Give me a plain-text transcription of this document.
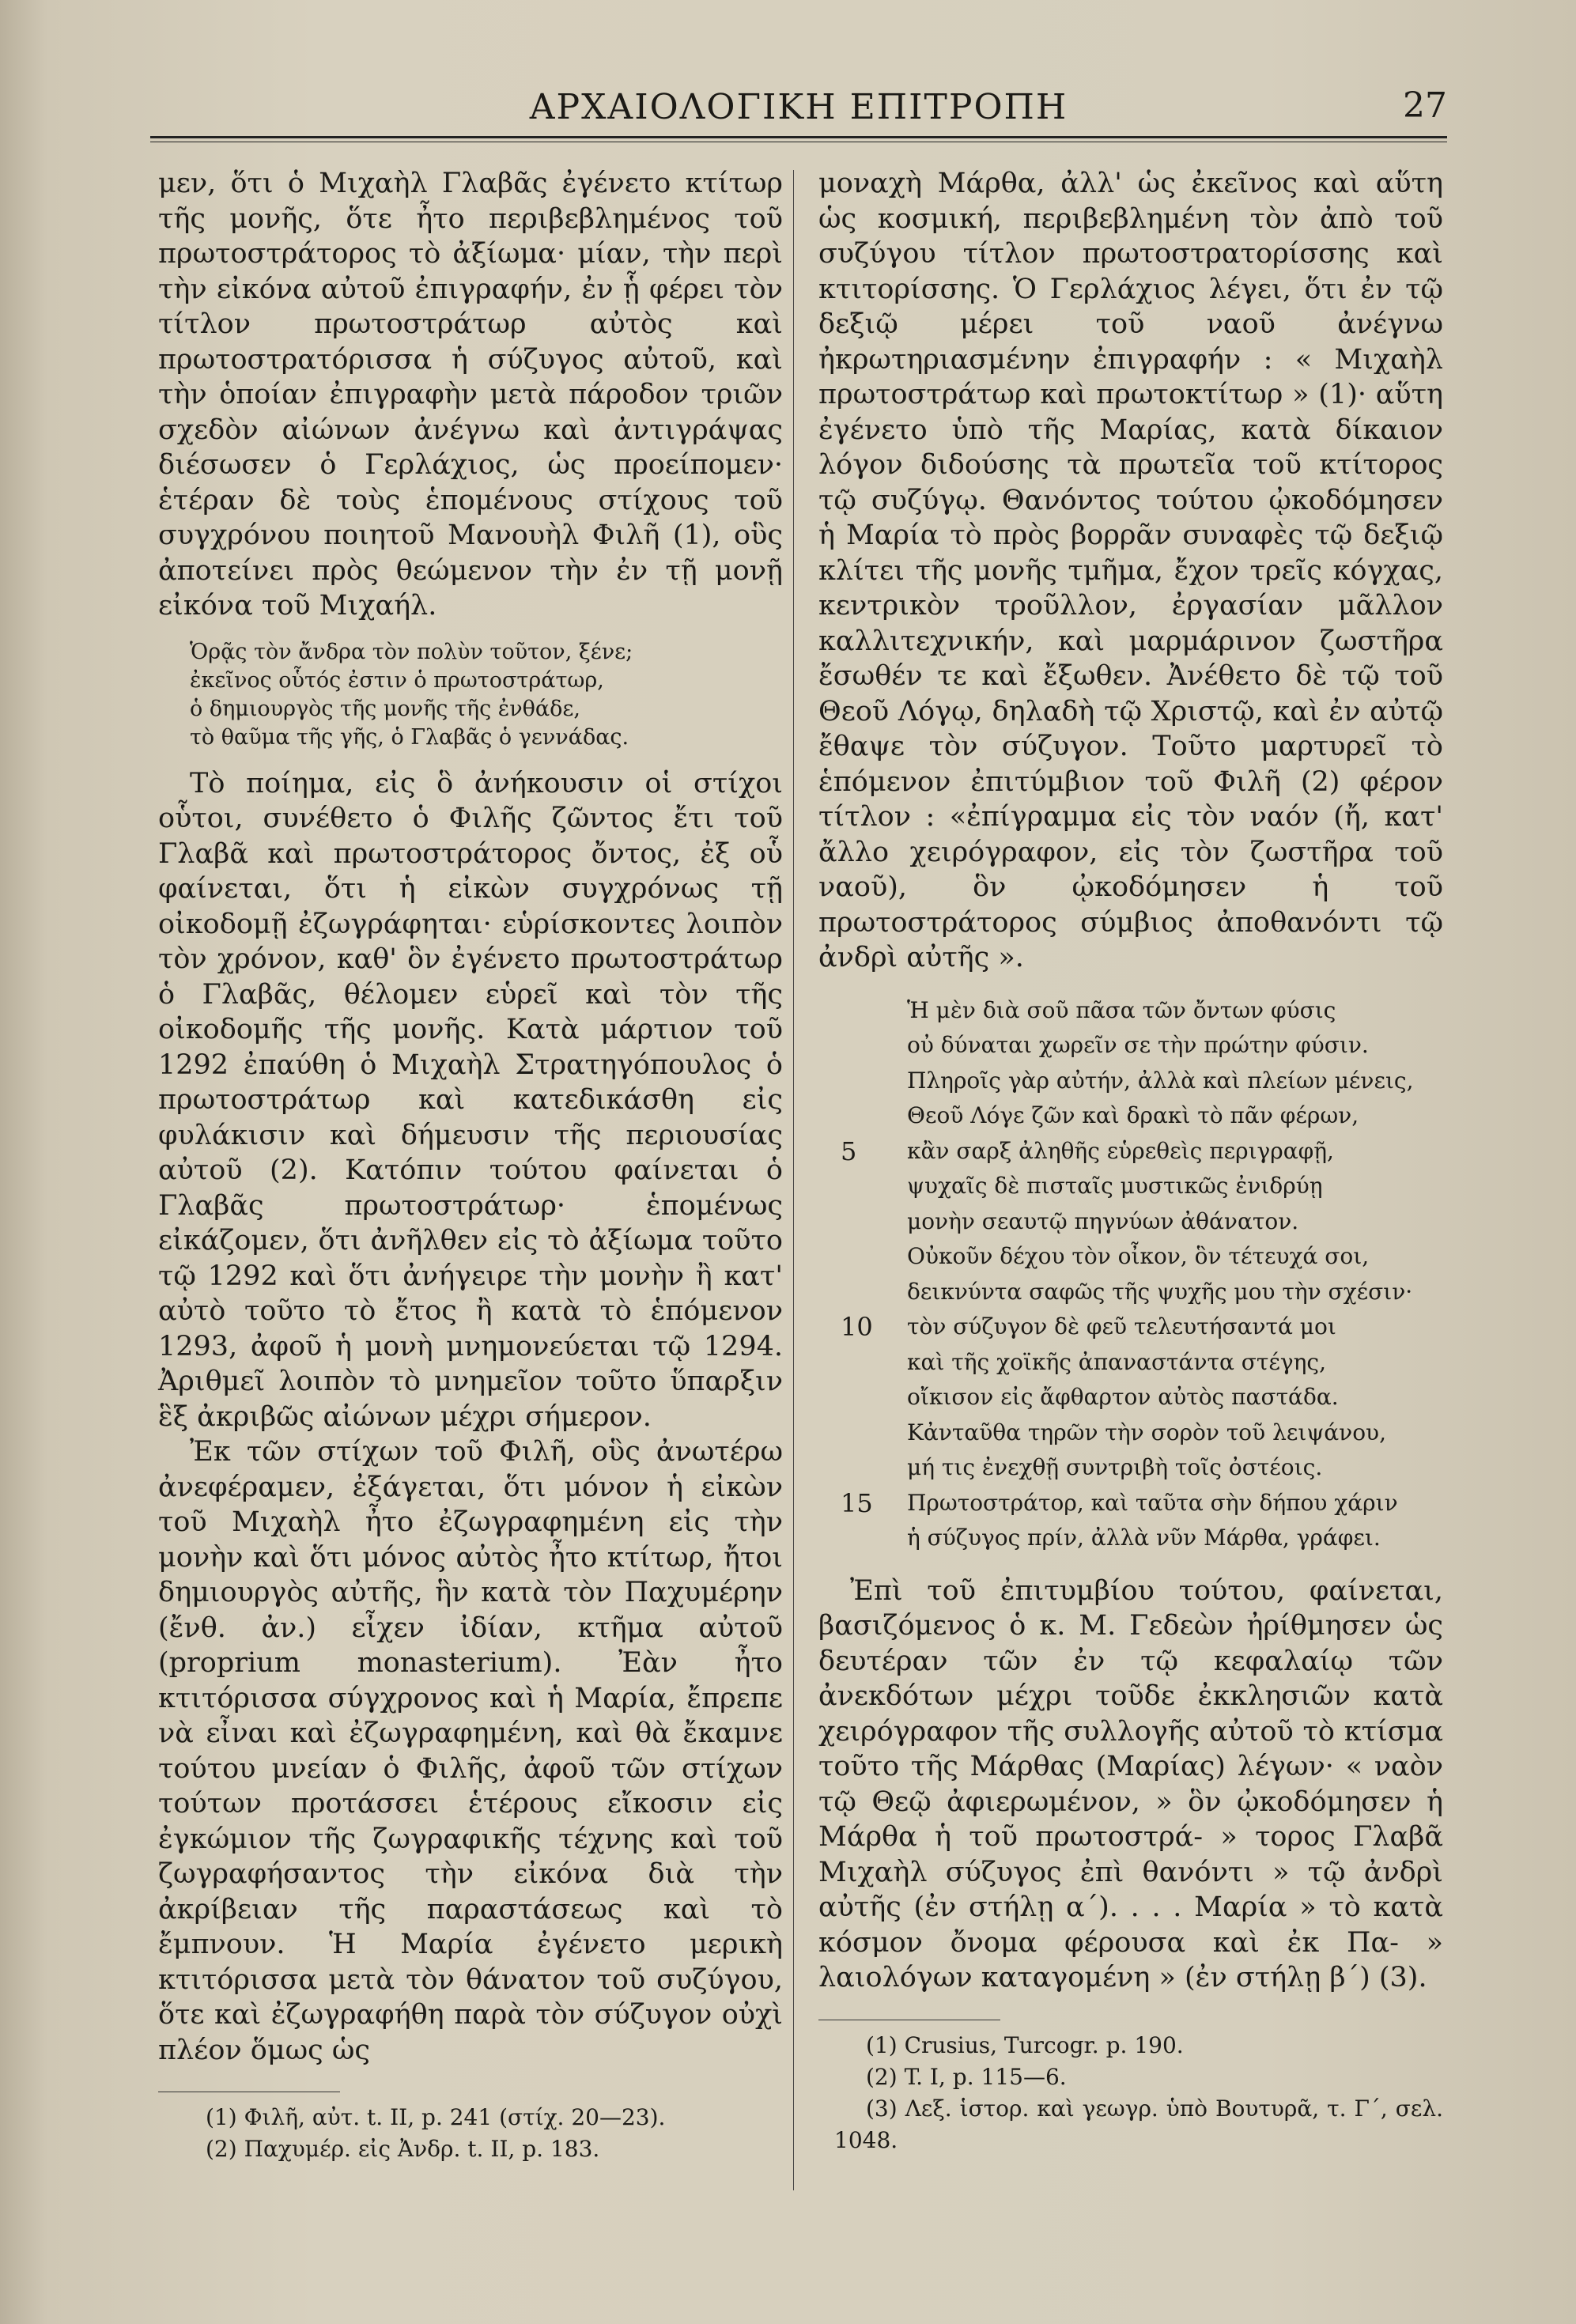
ΑΡΧΑΙΟΛΟΓΙΚΗ ΕΠΙΤΡΟΠΗ	27

μεν, ὅτι ὁ Μιχαὴλ Γλαβᾶς ἐγένετο κτίτωρ τῆς μονῆς, ὅτε ἦτο περιβεβλημένος τοῦ πρωτοστράτορος τὸ ἀξίωμα· μίαν, τὴν περὶ τὴν εἰκόνα αὐτοῦ ἐπιγραφήν, ἐν ᾗ φέρει τὸν τίτλον πρωτοστράτωρ αὐτὸς καὶ πρωτοστρατόρισσα ἡ σύζυγος αὐτοῦ, καὶ τὴν ὁποίαν ἐπιγραφὴν μετὰ πάροδον τριῶν σχεδὸν αἰώνων ἀνέγνω καὶ ἀντιγράψας διέσωσεν ὁ Γερλάχιος, ὡς προείπομεν· ἑτέραν δὲ τοὺς ἑπομένους στίχους τοῦ συγχρόνου ποιητοῦ Μανουὴλ Φιλῆ (1), οὓς ἀποτείνει πρὸς θεώμενον τὴν ἐν τῇ μονῇ εἰκόνα τοῦ Μιχαήλ.

Ὁρᾷς τὸν ἄνδρα τὸν πολὺν τοῦτον, ξένε;
ἐκεῖνος οὗτός ἐστιν ὁ πρωτοστράτωρ,
ὁ δημιουργὸς τῆς μονῆς τῆς ἐνθάδε,
τὸ θαῦμα τῆς γῆς, ὁ Γλαβᾶς ὁ γεννάδας.

Τὸ ποίημα, εἰς ὃ ἀνήκουσιν οἱ στίχοι οὗτοι, συνέθετο ὁ Φιλῆς ζῶντος ἔτι τοῦ Γλαβᾶ καὶ πρωτοστράτορος ὄντος, ἐξ οὗ φαίνεται, ὅτι ἡ εἰκὼν συγχρόνως τῇ οἰκοδομῇ ἐζωγράφηται· εὑρίσκοντες λοιπὸν τὸν χρόνον, καθ' ὃν ἐγένετο πρωτοστράτωρ ὁ Γλαβᾶς, θέλομεν εὑρεῖ καὶ τὸν τῆς οἰκοδομῆς τῆς μονῆς. Κατὰ μάρτιον τοῦ 1292 ἐπαύθη ὁ Μιχαὴλ Στρατηγόπουλος ὁ πρωτοστράτωρ καὶ κατεδικάσθη εἰς φυλάκισιν καὶ δήμευσιν τῆς περιουσίας αὐτοῦ (2). Κατόπιν τούτου φαίνεται ὁ Γλαβᾶς πρωτοστράτωρ· ἑπομένως εἰκάζομεν, ὅτι ἀνῆλθεν εἰς τὸ ἀξίωμα τοῦτο τῷ 1292 καὶ ὅτι ἀνήγειρε τὴν μονὴν ἢ κατ' αὐτὸ τοῦτο τὸ ἔτος ἢ κατὰ τὸ ἑπόμενον 1293, ἀφοῦ ἡ μονὴ μνημονεύεται τῷ 1294. Ἀριθμεῖ λοιπὸν τὸ μνημεῖον τοῦτο ὕπαρξιν ἓξ ἀκριβῶς αἰώνων μέχρι σήμερον.

Ἐκ τῶν στίχων τοῦ Φιλῆ, οὓς ἀνωτέρω ἀνεφέραμεν, ἐξάγεται, ὅτι μόνον ἡ εἰκὼν τοῦ Μιχαὴλ ἦτο ἐζωγραφημένη εἰς τὴν μονὴν καὶ ὅτι μόνος αὐτὸς ἦτο κτίτωρ, ἤτοι δημιουργὸς αὐτῆς, ἣν κατὰ τὸν Παχυμέρην (ἔνθ. ἀν.) εἶχεν ἰδίαν, κτῆμα αὐτοῦ (proprium monasterium). Ἐὰν ἦτο κτιτόρισσα σύγχρονος καὶ ἡ Μαρία, ἔπρεπε νὰ εἶναι καὶ ἐζωγραφημένη, καὶ θὰ ἔκαμνε τούτου μνείαν ὁ Φιλῆς, ἀφοῦ τῶν στίχων τούτων προτάσσει ἑτέρους εἴκοσιν εἰς ἐγκώμιον τῆς ζωγραφικῆς τέχνης καὶ τοῦ ζωγραφήσαντος τὴν εἰκόνα διὰ τὴν ἀκρίβειαν τῆς παραστάσεως καὶ τὸ ἔμπνουν. Ἡ Μαρία ἐγένετο μερικὴ κτιτόρισσα μετὰ τὸν θάνατον τοῦ συζύγου, ὅτε καὶ ἐζωγραφήθη παρὰ τὸν σύζυγον οὐχὶ πλέον ὅμως ὡς

(1) Φιλῆ, αὐτ. t. II, p. 241 (στίχ. 20—23).

(2) Παχυμέρ. εἰς Ἀνδρ. t. II, p. 183.

μοναχὴ Μάρθα, ἀλλ' ὡς ἐκεῖνος καὶ αὕτη ὡς κοσμική, περιβεβλημένη τὸν ἀπὸ τοῦ συζύγου τίτλον πρωτοστρατορίσσης καὶ κτιτορίσσης. Ὁ Γερλάχιος λέγει, ὅτι ἐν τῷ δεξιῷ μέρει τοῦ ναοῦ ἀνέγνω ἠκρωτηριασμένην ἐπιγραφήν : « Μιχαὴλ πρωτοστράτωρ καὶ πρωτοκτίτωρ » (1)· αὕτη ἐγένετο ὑπὸ τῆς Μαρίας, κατὰ δίκαιον λόγον διδούσης τὰ πρωτεῖα τοῦ κτίτορος τῷ συζύγῳ. Θανόντος τούτου ᾠκοδόμησεν ἡ Μαρία τὸ πρὸς βορρᾶν συναφὲς τῷ δεξιῷ κλίτει τῆς μονῆς τμῆμα, ἔχον τρεῖς κόγχας, κεντρικὸν τροῦλλον, ἐργασίαν μᾶλλον καλλιτεχνικήν, καὶ μαρμάρινον ζωστῆρα ἔσωθέν τε καὶ ἔξωθεν. Ἀνέθετο δὲ τῷ τοῦ Θεοῦ Λόγῳ, δηλαδὴ τῷ Χριστῷ, καὶ ἐν αὐτῷ ἔθαψε τὸν σύζυγον. Τοῦτο μαρτυρεῖ τὸ ἑπόμενον ἐπιτύμβιον τοῦ Φιλῆ (2) φέρον τίτλον : «ἐπίγραμμα εἰς τὸν ναόν (ἤ, κατ' ἄλλο χειρόγραφον, εἰς τὸν ζωστῆρα τοῦ ναοῦ), ὃν ᾠκοδόμησεν ἡ τοῦ πρωτοστράτορος σύμβιος ἀποθανόντι τῷ ἀνδρὶ αὐτῆς ».

Ἡ μὲν διὰ σοῦ πᾶσα τῶν ὄντων φύσις
οὐ δύναται χωρεῖν σε τὴν πρώτην φύσιν.
Πληροῖς γὰρ αὐτήν, ἀλλὰ καὶ πλείων μένεις,
Θεοῦ Λόγε ζῶν καὶ δρακὶ τὸ πᾶν φέρων,
5 κἂν σαρξ ἀληθῆς εὑρεθεὶς περιγραφῇ,
ψυχαῖς δὲ πισταῖς μυστικῶς ἐνιδρύῃ
μονὴν σεαυτῷ πηγνύων ἀθάνατον.
Οὐκοῦν δέχου τὸν οἶκον, ὃν τέτευχά σοι,
δεικνύντα σαφῶς τῆς ψυχῆς μου τὴν σχέσιν·
10 τὸν σύζυγον δὲ φεῦ τελευτήσαντά μοι
καὶ τῆς χοϊκῆς ἀπαναστάντα στέγης,
οἴκισον εἰς ἄφθαρτον αὐτὸς παστάδα.
Κἀνταῦθα τηρῶν τὴν σορὸν τοῦ λειψάνου,
μή τις ἐνεχθῇ συντριβὴ τοῖς ὀστέοις.
15 Πρωτοστράτορ, καὶ ταῦτα σὴν δήπου χάριν
ἡ σύζυγος πρίν, ἀλλὰ νῦν Μάρθα, γράφει.

Ἐπὶ τοῦ ἐπιτυμβίου τούτου, φαίνεται, βασιζόμενος ὁ κ. Μ. Γεδεὼν ἠρίθμησεν ὡς δευτέραν τῶν ἐν τῷ κεφαλαίῳ τῶν ἀνεκδότων μέχρι τοῦδε ἐκκλησιῶν κατὰ χειρόγραφον τῆς συλλογῆς αὐτοῦ τὸ κτίσμα τοῦτο τῆς Μάρθας (Μαρίας) λέγων· « ναὸν τῷ Θεῷ ἀφιερωμένον, » ὃν ᾠκοδόμησεν ἡ Μάρθα ἡ τοῦ πρωτοστρά- » τορος Γλαβᾶ Μιχαὴλ σύζυγος ἐπὶ θανόντι » τῷ ἀνδρὶ αὐτῆς (ἐν στήλῃ α΄). . . . Μαρία » τὸ κατὰ κόσμον ὄνομα φέρουσα καὶ ἐκ Πα- » λαιολόγων καταγομένη » (ἐν στήλῃ β΄) (3).

(1) Crusius, Turcogr. p. 190.

(2) T. I, p. 115—6.

(3) Λεξ. ἱστορ. καὶ γεωγρ. ὑπὸ Βουτυρᾶ, τ. Γ΄, σελ. 1048.
